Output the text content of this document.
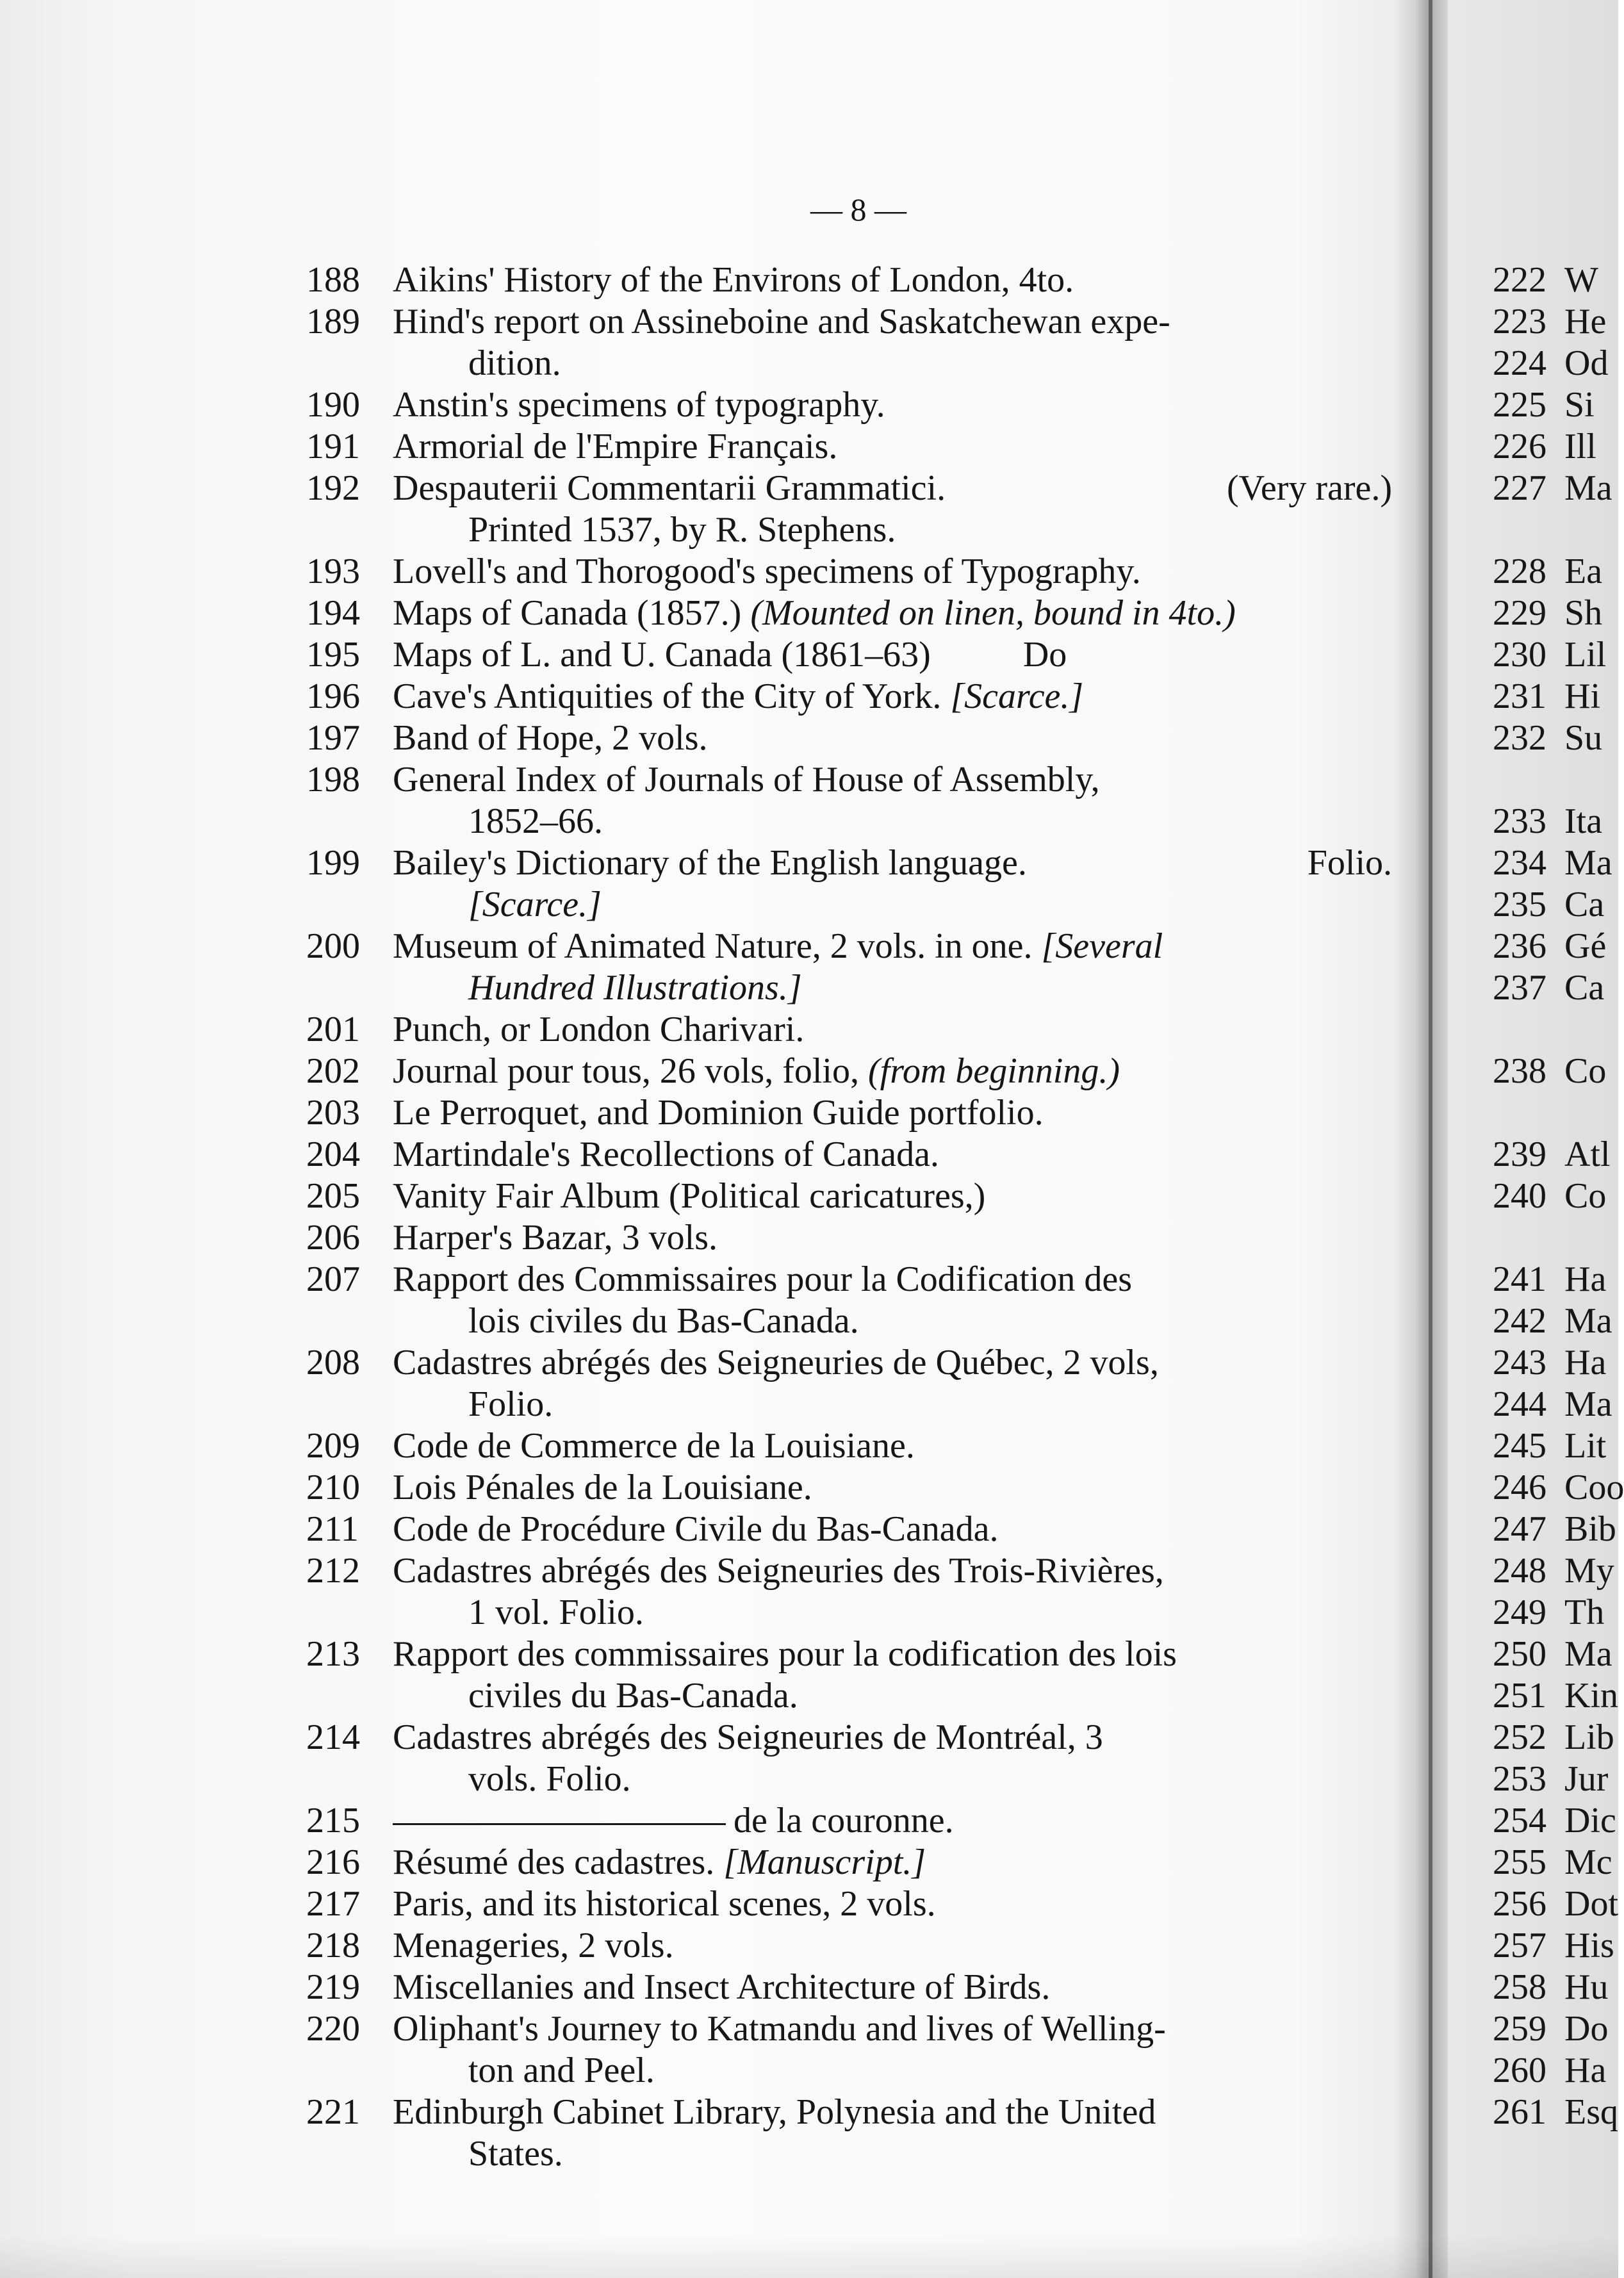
— 8 —
188 Aikins' History of the Environs of London, 4to.
189 Hind's report on Assineboine and Saskatchewan expe-
dition.
190 Anstin's specimens of typography.
191 Armorial de l'Empire Français.
192 Despauterii Commentarii Grammatici.	(Very rare.)
Printed 1537, by R. Stephens.
193 Lovell's and Thorogood's specimens of Typography.
194 Maps of Canada (1857.) (Mounted on linen, bound in 4to.)
195 Maps of L. and U. Canada (1861–63)	Do
196 Cave's Antiquities of the City of York. [Scarce.]
197 Band of Hope, 2 vols.
198 General Index of Journals of House of Assembly,
1852–66.
199 Bailey's Dictionary of the English language.	Folio.
[Scarce.]
200 Museum of Animated Nature, 2 vols. in one. [Several
Hundred Illustrations.]
201 Punch, or London Charivari.
202 Journal pour tous, 26 vols, folio, (from beginning.)
203 Le Perroquet, and Dominion Guide portfolio.
204 Martindale's Recollections of Canada.
205 Vanity Fair Album (Political caricatures,)
206 Harper's Bazar, 3 vols.
207 Rapport des Commissaires pour la Codification des
lois civiles du Bas-Canada.
208 Cadastres abrégés des Seigneuries de Québec, 2 vols,
Folio.
209 Code de Commerce de la Louisiane.
210 Lois Pénales de la Louisiane.
211 Code de Procédure Civile du Bas-Canada.
212 Cadastres abrégés des Seigneuries des Trois-Rivières,
1 vol. Folio.
213 Rapport des commissaires pour la codification des lois
civiles du Bas-Canada.
214 Cadastres abrégés des Seigneuries de Montréal, 3
vols. Folio.
215	de la couronne.
216 Résumé des cadastres. [Manuscript.]
217 Paris, and its historical scenes, 2 vols.
218 Menageries, 2 vols.
219 Miscellanies and Insect Architecture of Birds.
220 Oliphant's Journey to Katmandu and lives of Welling-
ton and Peel.
221 Edinburgh Cabinet Library, Polynesia and the United
States.
222 W
223 He
224 Od
225 Si
226 Ill
227 Ma
228 Ea
229 Sh
230 Lil
231 Hi
232 Su
233 Ita
234 Ma
235 Ca
236 Gé
237 Ca
238 Co
239 Atl
240 Co
241 Ha
242 Ma
243 Ha
244 Ma
245 Lit
246 Coo
247 Bib
248 My
249 Th
250 Ma
251 Kin
252 Lib
253 Jur
254 Dic
255 Mc
256 Dot
257 His
258 Hu
259 Do
260 Ha
261 Esq
